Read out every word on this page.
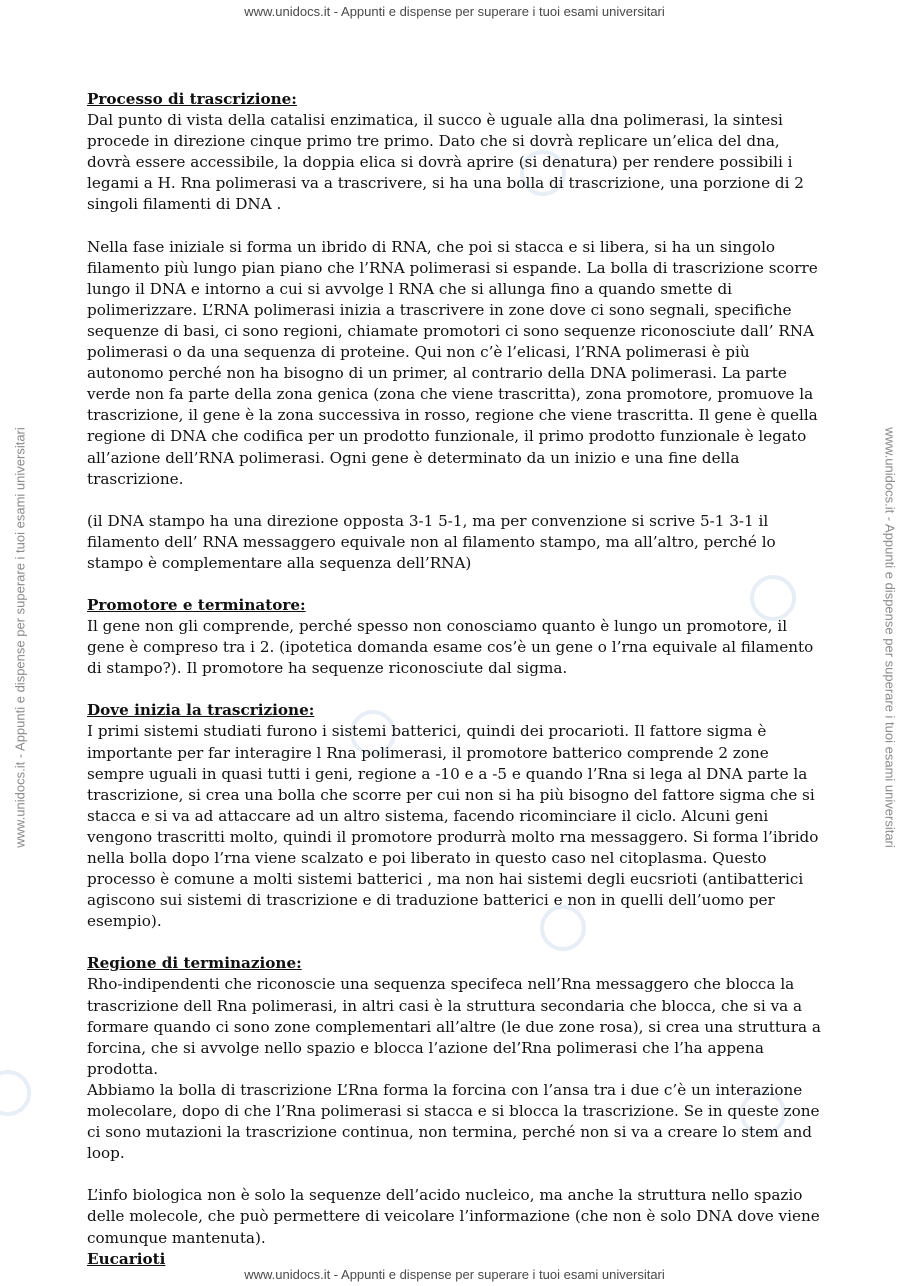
www.unidocs.it - Appunti e dispense per superare i tuoi esami universitari
www.unidocs.it - Appunti e dispense per superare i tuoi esami universitari
www.unidocs.it - Appunti e dispense per superare i tuoi esami universitari	www.unidocs.it - Appunti e dispense per superare i tuoi esami universitari

Processo di trascrizione:

Dal punto di vista della catalisi enzimatica, il succo è uguale alla dna polimerasi, la sintesi procede in direzione cinque primo tre primo. Dato che si dovrà replicare un’elica del dna, dovrà essere accessibile, la doppia elica si dovrà aprire (si denatura) per rendere possibili i legami a H. Rna polimerasi va a trascrivere, si ha una bolla di trascrizione, una porzione di 2 singoli filamenti di DNA .

Nella fase iniziale si forma un ibrido di RNA, che poi si stacca e si libera, si ha un singolo filamento più lungo pian piano che l’RNA polimerasi si espande. La bolla di trascrizione scorre lungo il DNA e intorno a cui si avvolge l RNA che si allunga fino a quando smette di polimerizzare. L’RNA polimerasi inizia a trascrivere in zone dove ci sono segnali, specifiche sequenze di basi, ci sono regioni, chiamate promotori ci sono sequenze riconosciute dall’ RNA polimerasi o da una sequenza di proteine. Qui non c’è l’elicasi, l’RNA polimerasi è più autonomo perché non ha bisogno di un primer, al contrario della DNA polimerasi. La parte verde non fa parte della zona genica (zona che viene trascritta), zona promotore, promuove la trascrizione, il gene è la zona successiva in rosso, regione che viene trascritta. Il gene è quella regione di DNA che codifica per un prodotto funzionale, il primo prodotto funzionale è legato all’azione dell’RNA polimerasi. Ogni gene è determinato da un inizio e una fine della trascrizione.

(il DNA stampo ha una direzione opposta 3-1 5-1, ma per convenzione si scrive 5-1 3-1 il filamento dell’ RNA messaggero equivale non al filamento stampo, ma all’altro, perché lo stampo è complementare alla sequenza dell’RNA)

Promotore e terminatore:

Il gene non gli comprende, perché spesso non conosciamo quanto è lungo un promotore, il gene è compreso tra i 2. (ipotetica domanda esame cos’è un gene o l’rna equivale al filamento di stampo?). Il promotore ha sequenze riconosciute dal sigma.

Dove inizia la trascrizione:

I primi sistemi studiati furono i sistemi batterici, quindi dei procarioti. Il fattore sigma è importante per far interagire l Rna polimerasi, il promotore batterico comprende 2 zone sempre uguali in quasi tutti i geni, regione a -10 e a -5 e quando l’Rna si lega al DNA parte la trascrizione, si crea una bolla che scorre per cui non si ha più bisogno del fattore sigma che si stacca e si va ad attaccare ad un altro sistema, facendo ricominciare il ciclo. Alcuni geni vengono trascritti molto, quindi il promotore produrrà molto rna messaggero. Si forma l’ibrido nella bolla dopo l’rna viene scalzato e poi liberato in questo caso nel citoplasma. Questo processo è comune a molti sistemi batterici , ma non hai sistemi degli eucsrioti (antibatterici agiscono sui sistemi di trascrizione e di traduzione batterici e non in quelli dell’uomo per esempio).

Regione di terminazione:

Rho-indipendenti che riconoscie una sequenza specifeca nell’Rna messaggero che blocca la trascrizione dell Rna polimerasi, in altri casi è la struttura secondaria che blocca, che si va a formare quando ci sono zone complementari all’altre (le due zone rosa), si crea una struttura a forcina, che si avvolge nello spazio e blocca l’azione del’Rna polimerasi che l’ha appena prodotta.

Abbiamo la bolla di trascrizione L’Rna forma la forcina con l’ansa tra i due c’è un interazione molecolare, dopo di che l’Rna polimerasi si stacca e si blocca la trascrizione. Se in queste zone ci sono mutazioni la trascrizione continua, non termina, perché non si va a creare lo stem and loop.

L’info biologica non è solo la sequenze dell’acido nucleico, ma anche la struttura nello spazio delle molecole, che può permettere di veicolare l’informazione (che non è solo DNA dove viene comunque mantenuta).

Eucarioti
